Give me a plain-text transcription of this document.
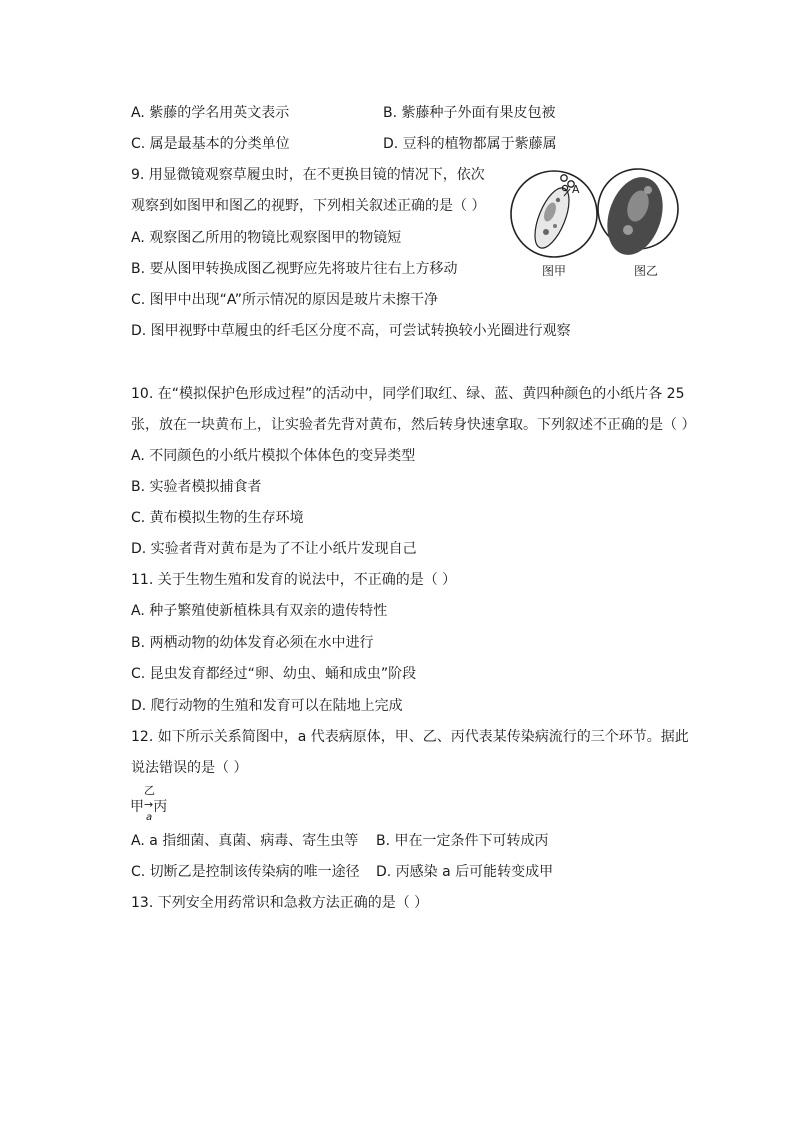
A. 紫藤的学名用英文表示	B. 紫藤种子外面有果皮包被
C. 属是最基本的分类单位	D. 豆科的植物都属于紫藤属
9. 用显微镜观察草履虫时，在不更换目镜的情况下，依次
观察到如图甲和图乙的视野，下列相关叙述正确的是（ ）
A. 观察图乙所用的物镜比观察图甲的物镜短
B. 要从图甲转换成图乙视野应先将玻片往右上方移动
C. 图甲中出现“A”所示情况的原因是玻片未擦干净
D. 图甲视野中草履虫的纤毛区分度不高，可尝试转换较小光圈进行观察
A
图甲	图乙
10. 在“模拟保护色形成过程”的活动中，同学们取红、绿、蓝、黄四种颜色的小纸片各 25
张，放在一块黄布上，让实验者先背对黄布，然后转身快速拿取。下列叙述不正确的是（ ）
A. 不同颜色的小纸片模拟个体体色的变异类型
B. 实验者模拟捕食者
C. 黄布模拟生物的生存环境
D. 实验者背对黄布是为了不让小纸片发现自己
11. 关于生物生殖和发育的说法中，不正确的是（ ）
A. 种子繁殖使新植株具有双亲的遗传特性
B. 两栖动物的幼体发育必须在水中进行
C. 昆虫发育都经过“卵、幼虫、蛹和成虫”阶段
D. 爬行动物的生殖和发育可以在陆地上完成
12. 如下所示关系简图中，a 代表病原体，甲、乙、丙代表某传染病流行的三个环节。据此
说法错误的是（ ）
乙
甲→丙
a
A. a 指细菌、真菌、病毒、寄生虫等 B. 甲在一定条件下可转成丙
C. 切断乙是控制该传染病的唯一途径 D. 丙感染 a 后可能转变成甲
13. 下列安全用药常识和急救方法正确的是（ ）
